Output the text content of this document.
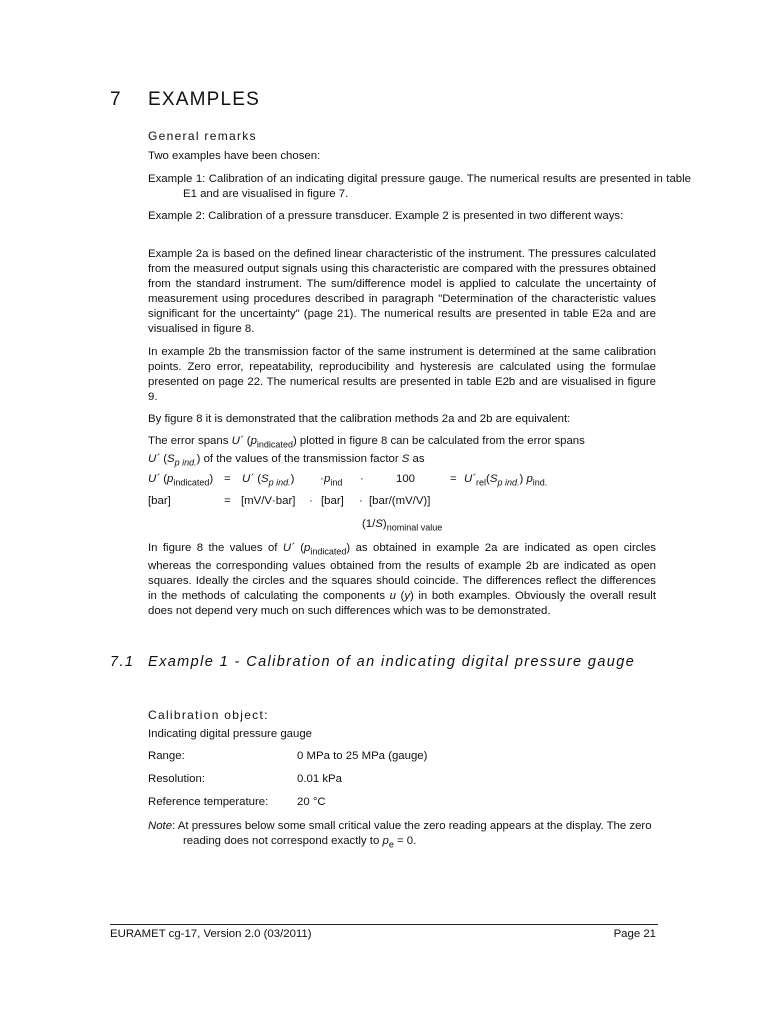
7 EXAMPLES
General remarks
Two examples have been chosen:
Example 1: Calibration of an indicating digital pressure gauge. The numerical results are presented in table E1 and are visualised in figure 7.
Example 2: Calibration of a pressure transducer. Example 2 is presented in two different ways:
Example 2a is based on the defined linear characteristic of the instrument. The pressures calculated from the measured output signals using this characteristic are compared with the pressures obtained from the standard instrument. The sum/difference model is applied to calculate the uncertainty of measurement using procedures described in paragraph "Determination of the characteristic values significant for the uncertainty" (page 21). The numerical results are presented in table E2a and are visualised in figure 8.
In example 2b the transmission factor of the same instrument is determined at the same calibration points. Zero error, repeatability, reproducibility and hysteresis are calculated using the formulae presented on page 22. The numerical results are presented in table E2b and are visualised in figure 9.
By figure 8 it is demonstrated that the calibration methods 2a and 2b are equivalent:
The error spans U´ $(p_{indicated})$ plotted in figure 8 can be calculated from the error spans
U´ $(S_{p ind.})$ of the values of the transmission factor S as
U´ $(p_{indicated})$ = U´ $(S_{p ind.}) \cdot p_{ind}$ ·	100	= $U´_{rel}(S_{p ind.})$ $p_{ind.}$
[bar]	= [mV/V·bar] · [bar] · [bar/(mV/V)]
$(1/S)_{nominal value}$
In figure 8 the values of U´ $(p_{indicated})$ as obtained in example 2a are indicated as open circles whereas the corresponding values obtained from the results of example 2b are indicated as open squares. Ideally the circles and the squares should coincide. The differences reflect the differences in the methods of calculating the components u (y) in both examples. Obviously the overall result does not depend very much on such differences which was to be demonstrated.
7.1 Example 1 - Calibration of an indicating digital pressure gauge
Calibration object:
Indicating digital pressure gauge
Range:	0 MPa to 25 MPa (gauge)
Resolution:	0.01 kPa
Reference temperature:	20 °C
Note: At pressures below some small critical value the zero reading appears at the display. The zero reading does not correspond exactly to $p_e = 0$.
EURAMET cg-17, Version 2.0 (03/2011)	Page 21
